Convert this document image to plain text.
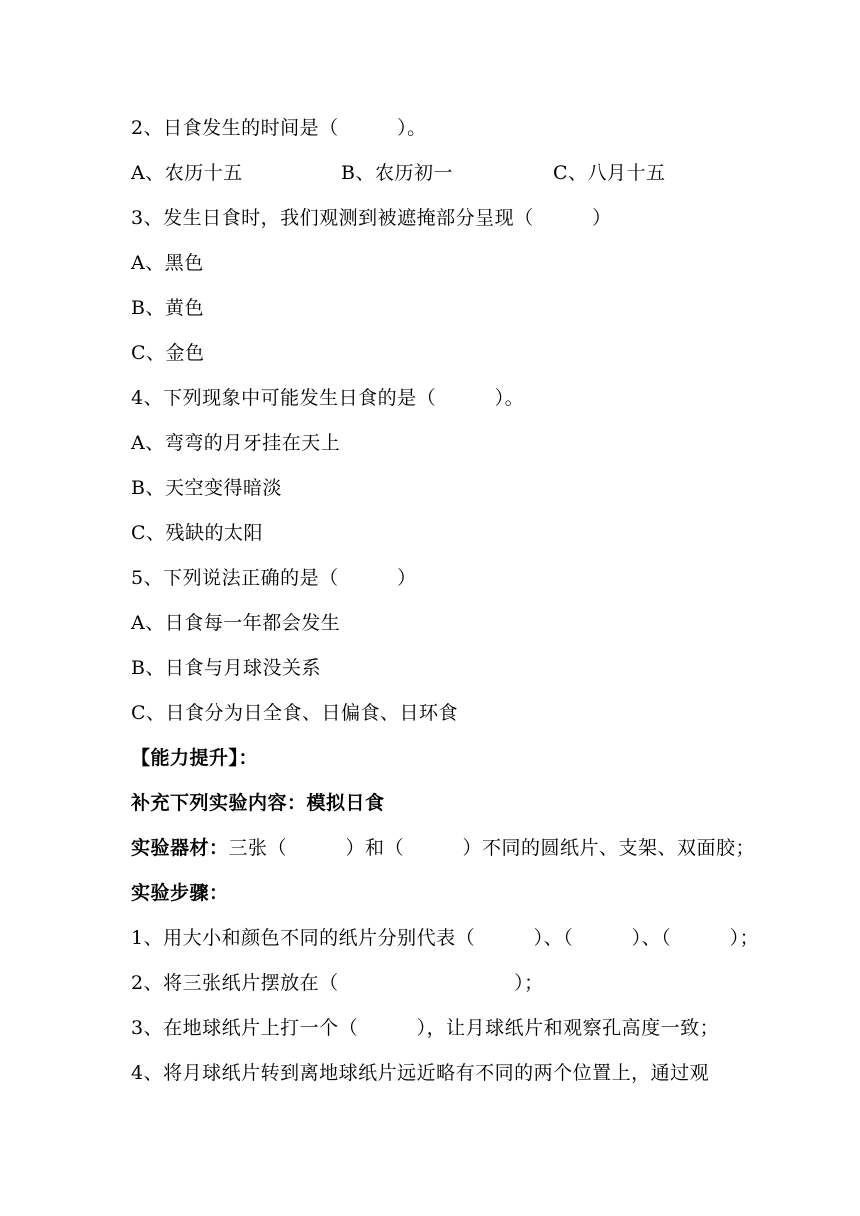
2、日食发生的时间是（　　　）。
A、农历十五	B、农历初一	C、八月十五
3、发生日食时，我们观测到被遮掩部分呈现（　　　）
A、黑色
B、黄色
C、金色
4、下列现象中可能发生日食的是（　　　）。
A、弯弯的月牙挂在天上
B、天空变得暗淡
C、残缺的太阳
5、下列说法正确的是（　　　）
A、日食每一年都会发生
B、日食与月球没关系
C、日食分为日全食、日偏食、日环食
【能力提升】：
补充下列实验内容：模拟日食
实验器材：三张（　　　）和（　　　）不同的圆纸片、支架、双面胶；
实验步骤：
1、用大小和颜色不同的纸片分别代表（　　　）、（　　　）、（　　　）；
2、将三张纸片摆放在（　　　　　　　　　）；
3、在地球纸片上打一个（　　　），让月球纸片和观察孔高度一致；
4、将月球纸片转到离地球纸片远近略有不同的两个位置上，通过观
